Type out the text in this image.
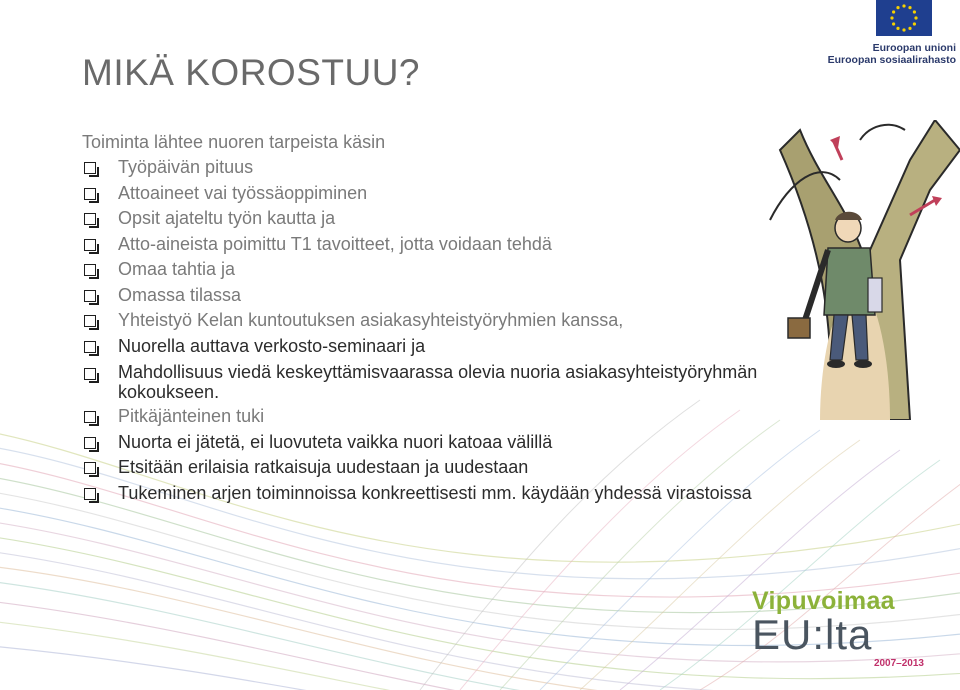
Euroopan unioni
Euroopan sosiaalirahasto
MIKÄ KOROSTUU?

Toiminta lähtee nuoren tarpeista käsin

Työpäivän pituus
Attoaineet vai työssäoppiminen
Opsit ajateltu työn kautta ja
Atto-aineista poimittu T1 tavoitteet, jotta voidaan tehdä
Omaa tahtia ja
Omassa tilassa
Yhteistyö Kelan kuntoutuksen asiakasyhteistyöryhmien kanssa,
Nuorella auttava verkosto-seminaari ja
Mahdollisuus viedä keskeyttämisvaarassa olevia nuoria asiakasyhteistyöryhmän kokoukseen.
Pitkäjänteinen tuki
Nuorta ei jätetä, ei luovuteta vaikka nuori katoaa välillä
Etsitään erilaisia ratkaisuja uudestaan ja uudestaan
Tukeminen arjen toiminnoissa konkreettisesti mm. käydään yhdessä virastoissa
Vipuvoimaa
EU:lta
2007–2013
